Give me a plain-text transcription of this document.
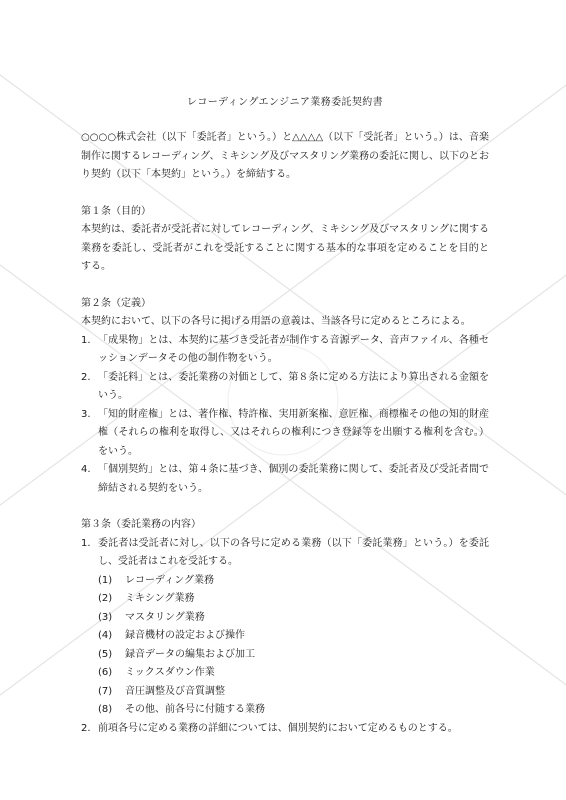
レコーディングエンジニア業務委託契約書

○○○○株式会社（以下「委託者」という。）と△△△△（以下「受託者」という。）は、音楽制作に関するレコーディング、ミキシング及びマスタリング業務の委託に関し、以下のとおり契約（以下「本契約」という。）を締結する。

第１条（目的）

本契約は、委託者が受託者に対してレコーディング、ミキシング及びマスタリングに関する業務を委託し、受託者がこれを受託することに関する基本的な事項を定めることを目的とする。

第２条（定義）

本契約において、以下の各号に掲げる用語の意義は、当該各号に定めるところによる。

1. 「成果物」とは、本契約に基づき受託者が制作する音源データ、音声ファイル、各種セッションデータその他の制作物をいう。
2. 「委託料」とは、委託業務の対価として、第８条に定める方法により算出される金額をいう。
3. 「知的財産権」とは、著作権、特許権、実用新案権、意匠権、商標権その他の知的財産権（それらの権利を取得し、又はそれらの権利につき登録等を出願する権利を含む。）をいう。
4. 「個別契約」とは、第４条に基づき、個別の委託業務に関して、委託者及び受託者間で締結される契約をいう。

第３条（委託業務の内容）

1. 委託者は受託者に対し、以下の各号に定める業務（以下「委託業務」という。）を委託し、受託者はこれを受託する。
(1)	レコーディング業務
(2)	ミキシング業務
(3)	マスタリング業務
(4)	録音機材の設定および操作
(5)	録音データの編集および加工
(6)	ミックスダウン作業
(7)	音圧調整及び音質調整
(8)	その他、前各号に付随する業務
2. 前項各号に定める業務の詳細については、個別契約において定めるものとする。
